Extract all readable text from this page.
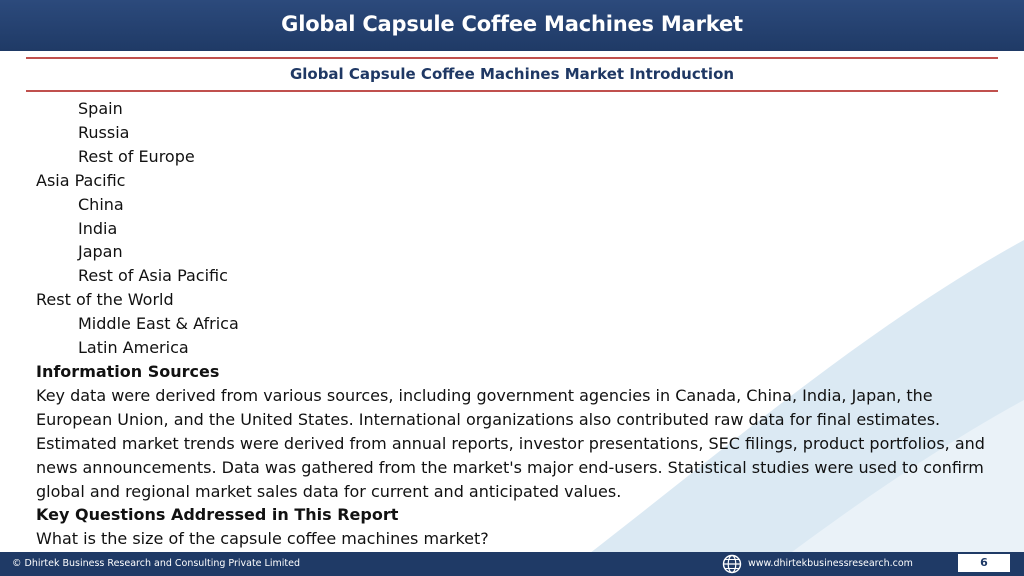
Global Capsule Coffee Machines Market
Global Capsule Coffee Machines Market Introduction
Spain
Russia
Rest of Europe
Asia Pacific
China
India
Japan
Rest of Asia Pacific
Rest of the World
Middle East & Africa
Latin America
Information Sources
Key data were derived from various sources, including government agencies in Canada, China, India, Japan, the European Union, and the United States. International organizations also contributed raw data for final estimates. Estimated market trends were derived from annual reports, investor presentations, SEC filings, product portfolios, and news announcements. Data was gathered from the market's major end-users. Statistical studies were used to confirm global and regional market sales data for current and anticipated values.
Key Questions Addressed in This Report
What is the size of the capsule coffee machines market?
© Dhirtek Business Research and Consulting Private Limited	www.dhirtekbusinessresearch.com	6
